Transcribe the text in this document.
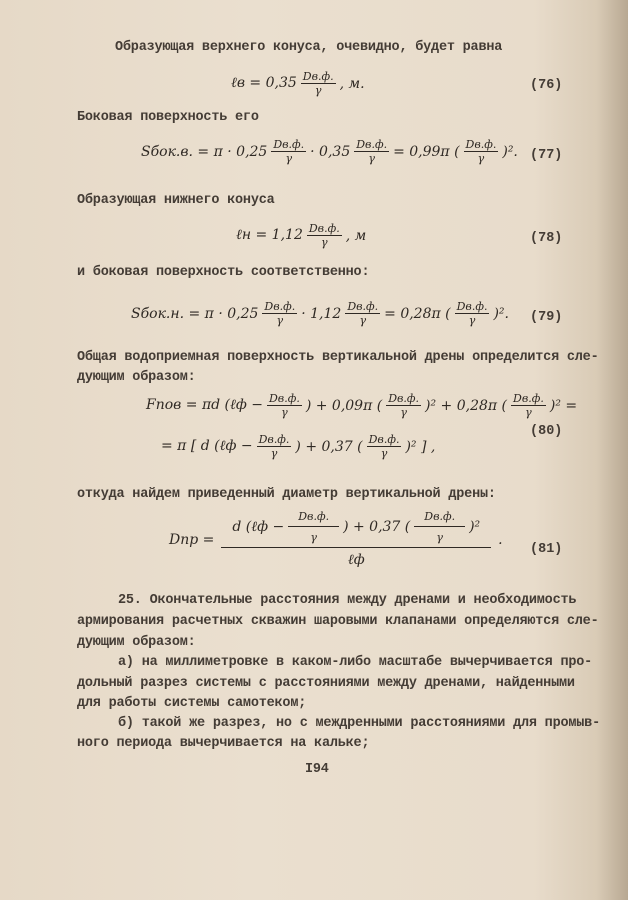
Образующая верхнего конуса, очевидно, будет равна
ℓв = $0,35 \frac{Dв.ф.}{\gamma}$ , м.	(76)
Боковая поверхность его
Sбок.в. = $\pi \cdot 0,25 \frac{Dв.ф.}{\gamma} \cdot 0,35 \frac{Dв.ф.}{\gamma} = 0,99\pi$ ( $\frac{Dв.ф.}{\gamma} )^2$. (77)
Образующая нижнего конуса
ℓн = $1,12 \frac{Dв.ф.}{\gamma}$ , м	(78)
и боковая поверхность соответственно:
Sбок.н. = $\pi \cdot 0,25 \frac{Dв.ф.}{\gamma} \cdot 1,12 \frac{Dв.ф.}{\gamma} = 0,28\pi$ ( $\frac{Dв.ф.}{\gamma} )^2$. (79)
Общая водоприемная поверхность вертикальной дрены определится сле-
дующим образом:
Fпов = πd (ℓф − $\frac{Dв.ф.}{\gamma}$ ) + 0,09π ( $\frac{Dв.ф.}{\gamma} )^2 + 0,28\pi$ ( $\frac{Dв.ф.}{\gamma} )^2$ =
= π [ d (ℓф − $\frac{Dв.ф.}{\gamma}$ ) + 0,37 ( $\frac{Dв.ф.}{\gamma} )^2$ ] ,
(80)
откуда найдем приведенный диаметр вертикальной дрены:
Dпр =
d (ℓф − $\frac{Dв.ф.}{\gamma}$ ) + 0,37 ( $\frac{Dв.ф.}{\gamma} )^2$
ℓф
.
(81)
25. Окончательные расстояния между дренами и необходимость
армирования расчетных скважин шаровыми клапанами определяются сле-
дующим образом:
а) на миллиметровке в каком-либо масштабе вычерчивается про-
дольный разрез системы с расстояниями между дренами, найденными
для работы системы самотеком;
б) такой же разрез, но с междренными расстояниями для промыв-
ного периода вычерчивается на кальке;
I94
